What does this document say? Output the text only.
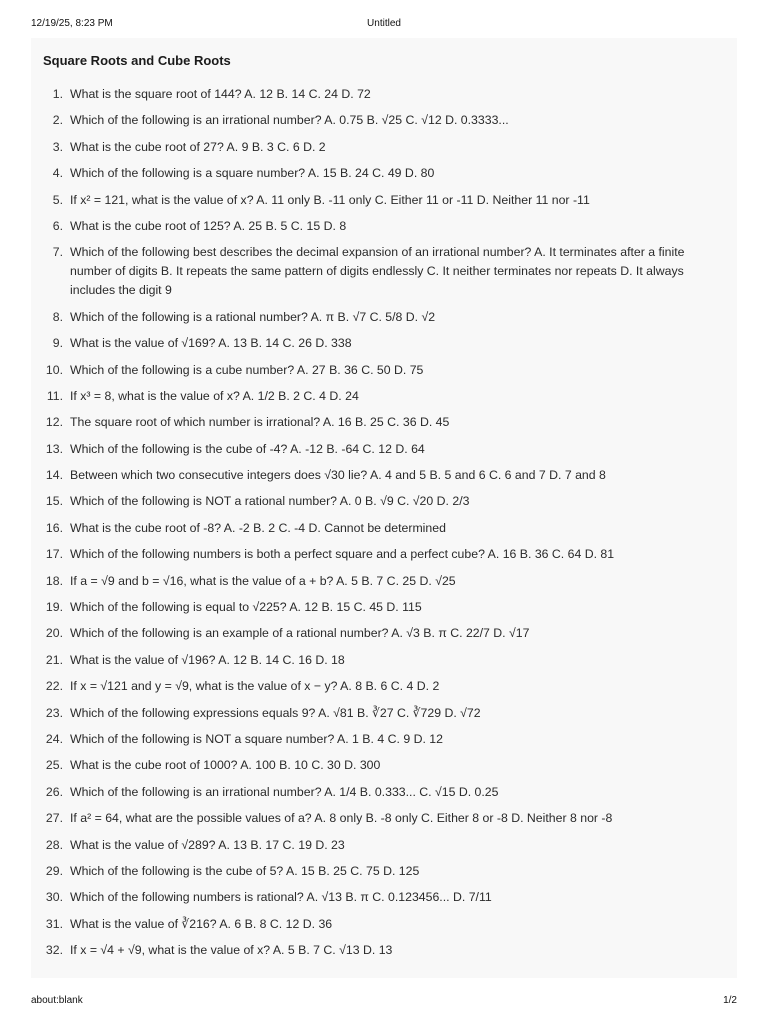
12/19/25, 8:23 PM	Untitled
Square Roots and Cube Roots
1. What is the square root of 144? A. 12 B. 14 C. 24 D. 72
2. Which of the following is an irrational number? A. 0.75 B. √25 C. √12 D. 0.3333...
3. What is the cube root of 27? A. 9 B. 3 C. 6 D. 2
4. Which of the following is a square number? A. 15 B. 24 C. 49 D. 80
5. If x² = 121, what is the value of x? A. 11 only B. -11 only C. Either 11 or -11 D. Neither 11 nor -11
6. What is the cube root of 125? A. 25 B. 5 C. 15 D. 8
7. Which of the following best describes the decimal expansion of an irrational number? A. It terminates after a finite number of digits B. It repeats the same pattern of digits endlessly C. It neither terminates nor repeats D. It always includes the digit 9
8. Which of the following is a rational number? A. π B. √7 C. 5/8 D. √2
9. What is the value of √169? A. 13 B. 14 C. 26 D. 338
10. Which of the following is a cube number? A. 27 B. 36 C. 50 D. 75
11. If x³ = 8, what is the value of x? A. 1/2 B. 2 C. 4 D. 24
12. The square root of which number is irrational? A. 16 B. 25 C. 36 D. 45
13. Which of the following is the cube of -4? A. -12 B. -64 C. 12 D. 64
14. Between which two consecutive integers does √30 lie? A. 4 and 5 B. 5 and 6 C. 6 and 7 D. 7 and 8
15. Which of the following is NOT a rational number? A. 0 B. √9 C. √20 D. 2/3
16. What is the cube root of -8? A. -2 B. 2 C. -4 D. Cannot be determined
17. Which of the following numbers is both a perfect square and a perfect cube? A. 16 B. 36 C. 64 D. 81
18. If a = √9 and b = √16, what is the value of a + b? A. 5 B. 7 C. 25 D. √25
19. Which of the following is equal to √225? A. 12 B. 15 C. 45 D. 115
20. Which of the following is an example of a rational number? A. √3 B. π C. 22/7 D. √17
21. What is the value of √196? A. 12 B. 14 C. 16 D. 18
22. If x = √121 and y = √9, what is the value of x − y? A. 8 B. 6 C. 4 D. 2
23. Which of the following expressions equals 9? A. √81 B. ∛27 C. ∛729 D. √72
24. Which of the following is NOT a square number? A. 1 B. 4 C. 9 D. 12
25. What is the cube root of 1000? A. 100 B. 10 C. 30 D. 300
26. Which of the following is an irrational number? A. 1/4 B. 0.333... C. √15 D. 0.25
27. If a² = 64, what are the possible values of a? A. 8 only B. -8 only C. Either 8 or -8 D. Neither 8 nor -8
28. What is the value of √289? A. 13 B. 17 C. 19 D. 23
29. Which of the following is the cube of 5? A. 15 B. 25 C. 75 D. 125
30. Which of the following numbers is rational? A. √13 B. π C. 0.123456... D. 7/11
31. What is the value of ∛216? A. 6 B. 8 C. 12 D. 36
32. If x = √4 + √9, what is the value of x? A. 5 B. 7 C. √13 D. 13
about:blank	1/2
